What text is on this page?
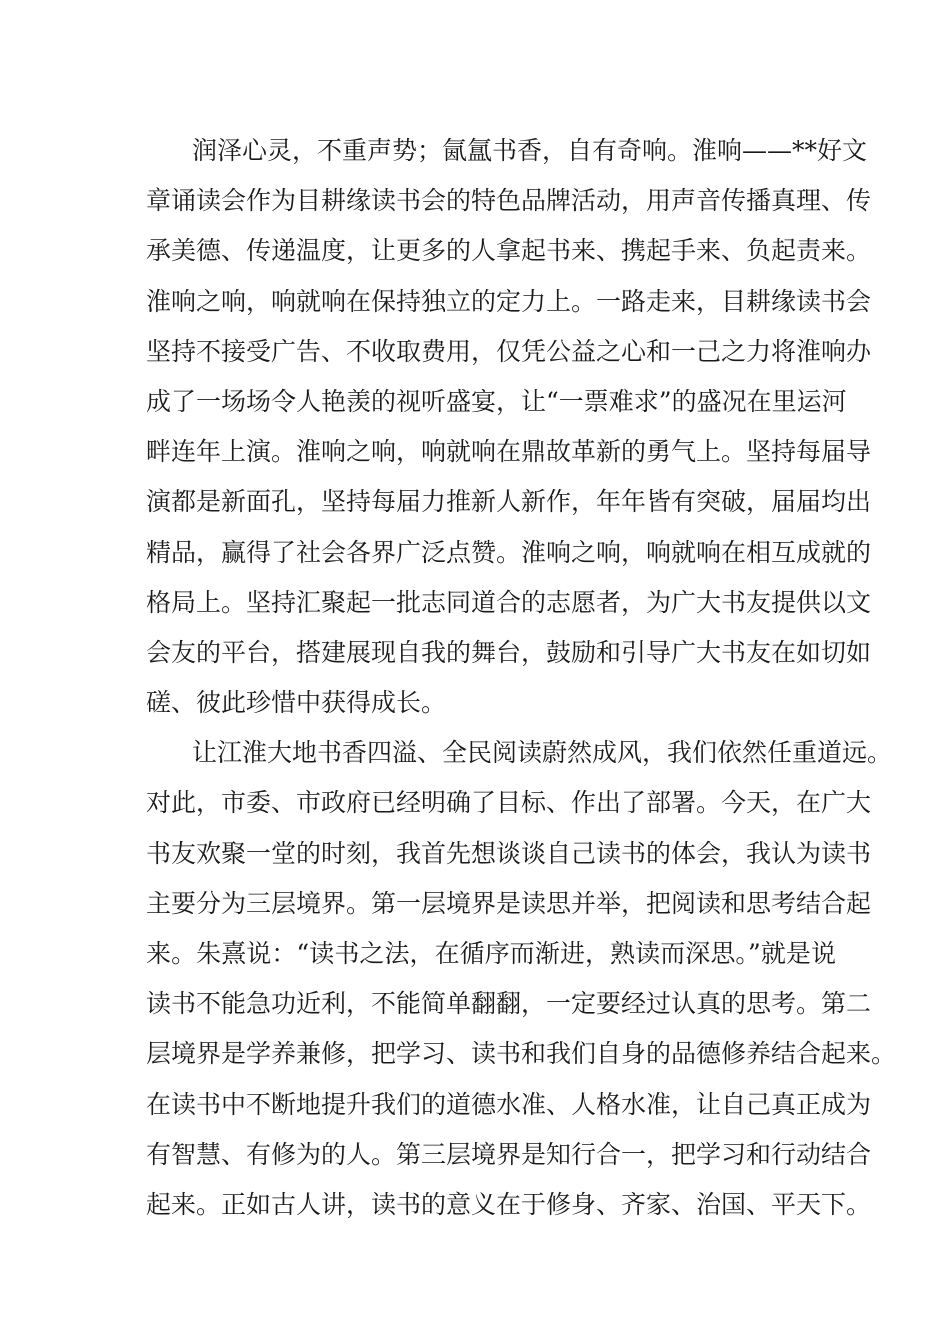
润泽心灵，不重声势；氤氲书香，自有奇响。淮响——**好文
章诵读会作为目耕缘读书会的特色品牌活动，用声音传播真理、传
承美德、传递温度，让更多的人拿起书来、携起手来、负起责来。
淮响之响，响就响在保持独立的定力上。一路走来，目耕缘读书会
坚持不接受广告、不收取费用，仅凭公益之心和一己之力将淮响办
成了一场场令人艳羡的视听盛宴，让“一票难求”的盛况在里运河
畔连年上演。淮响之响，响就响在鼎故革新的勇气上。坚持每届导
演都是新面孔，坚持每届力推新人新作，年年皆有突破，届届均出
精品，赢得了社会各界广泛点赞。淮响之响，响就响在相互成就的
格局上。坚持汇聚起一批志同道合的志愿者，为广大书友提供以文
会友的平台，搭建展现自我的舞台，鼓励和引导广大书友在如切如
磋、彼此珍惜中获得成长。
让江淮大地书香四溢、全民阅读蔚然成风，我们依然任重道远。
对此，市委、市政府已经明确了目标、作出了部署。今天，在广大
书友欢聚一堂的时刻，我首先想谈谈自己读书的体会，我认为读书
主要分为三层境界。第一层境界是读思并举，把阅读和思考结合起
来。朱熹说：“读书之法，在循序而渐进，熟读而深思。”就是说
读书不能急功近利，不能简单翻翻，一定要经过认真的思考。第二
层境界是学养兼修，把学习、读书和我们自身的品德修养结合起来。
在读书中不断地提升我们的道德水准、人格水准，让自己真正成为
有智慧、有修为的人。第三层境界是知行合一，把学习和行动结合
起来。正如古人讲，读书的意义在于修身、齐家、治国、平天下。
